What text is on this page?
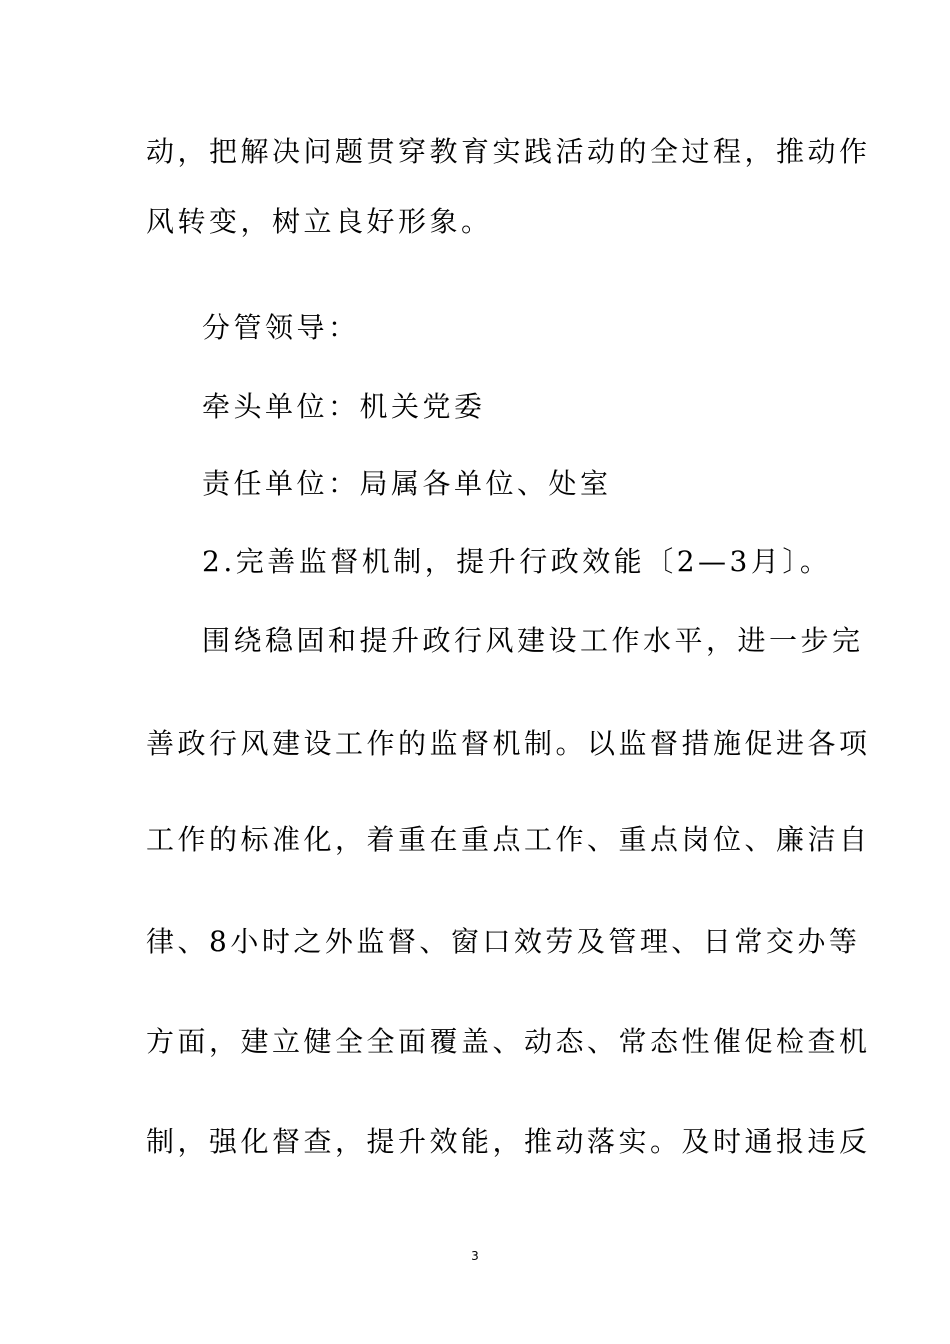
动，把解决问题贯穿教育实践活动的全过程，推动作
风转变，树立良好形象。
分管领导：
牵头单位：机关党委
责任单位：局属各单位、处室
2.完善监督机制，提升行政效能〔2—3月〕。
围绕稳固和提升政行风建设工作水平，进一步完
善政行风建设工作的监督机制。以监督措施促进各项
工作的标准化，着重在重点工作、重点岗位、廉洁自
律、8小时之外监督、窗口效劳及管理、日常交办等
方面，建立健全全面覆盖、动态、常态性催促检查机
制，强化督查，提升效能，推动落实。及时通报违反
3
